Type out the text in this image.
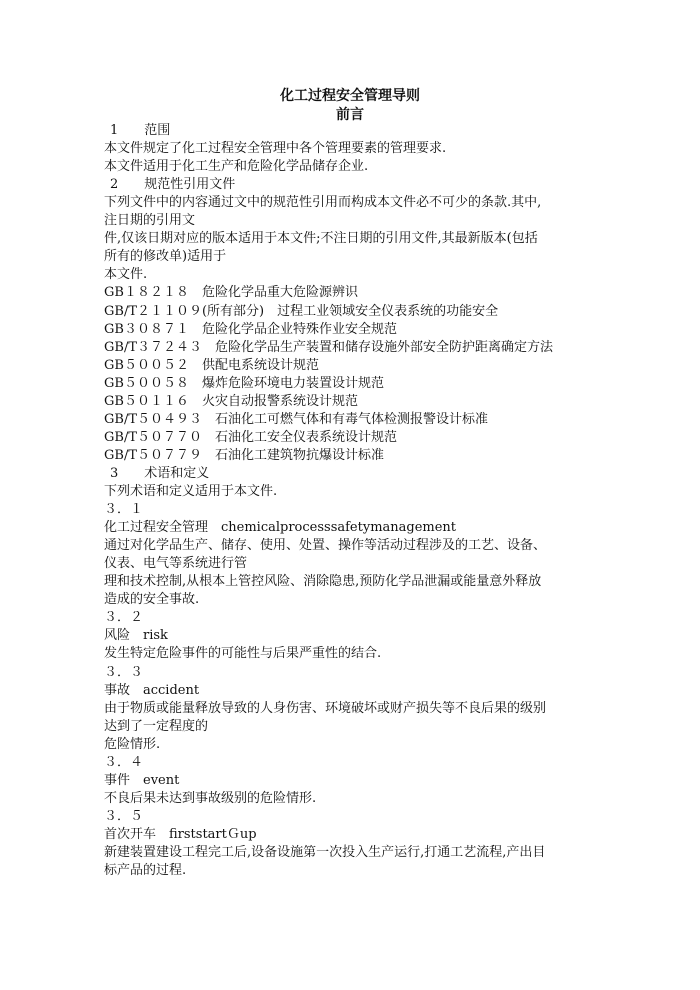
化工过程安全管理导则
前言
1　　范围
本文件规定了化工过程安全管理中各个管理要素的管理要求.
本文件适用于化工生产和危险化学品储存企业.
2　　规范性引用文件
下列文件中的内容通过文中的规范性引用而构成本文件必不可少的条款.其中,
注日期的引用文
件,仅该日期对应的版本适用于本文件;不注日期的引用文件,其最新版本(包括
所有的修改单)适用于
本文件.
GB１８２１８　危险化学品重大危险源辨识
GB/T２１１０９(所有部分)　过程工业领域安全仪表系统的功能安全
GB３０８７１　危险化学品企业特殊作业安全规范
GB/T３７２４３　危险化学品生产装置和储存设施外部安全防护距离确定方法
GB５００５２　供配电系统设计规范
GB５００５８　爆炸危险环境电力装置设计规范
GB５０１１６　火灾自动报警系统设计规范
GB/T５０４９３　石油化工可燃气体和有毒气体检测报警设计标准
GB/T５０７７０　石油化工安全仪表系统设计规范
GB/T５０７７９　石油化工建筑物抗爆设计标准
3　　术语和定义
下列术语和定义适用于本文件.
３．１
化工过程安全管理　chemicalprocesssafetymanagement
通过对化学品生产、储存、使用、处置、操作等活动过程涉及的工艺、设备、
仪表、电气等系统进行管
理和技术控制,从根本上管控风险、消除隐患,预防化学品泄漏或能量意外释放
造成的安全事故.
３．２
风险　risk
发生特定危险事件的可能性与后果严重性的结合.
３．３
事故　accident
由于物质或能量释放导致的人身伤害、环境破坏或财产损失等不良后果的级别
达到了一定程度的
危险情形.
３．４
事件　event
不良后果未达到事故级别的危险情形.
３．５
首次开车　firststartＧup
新建装置建设工程完工后,设备设施第一次投入生产运行,打通工艺流程,产出目
标产品的过程.
